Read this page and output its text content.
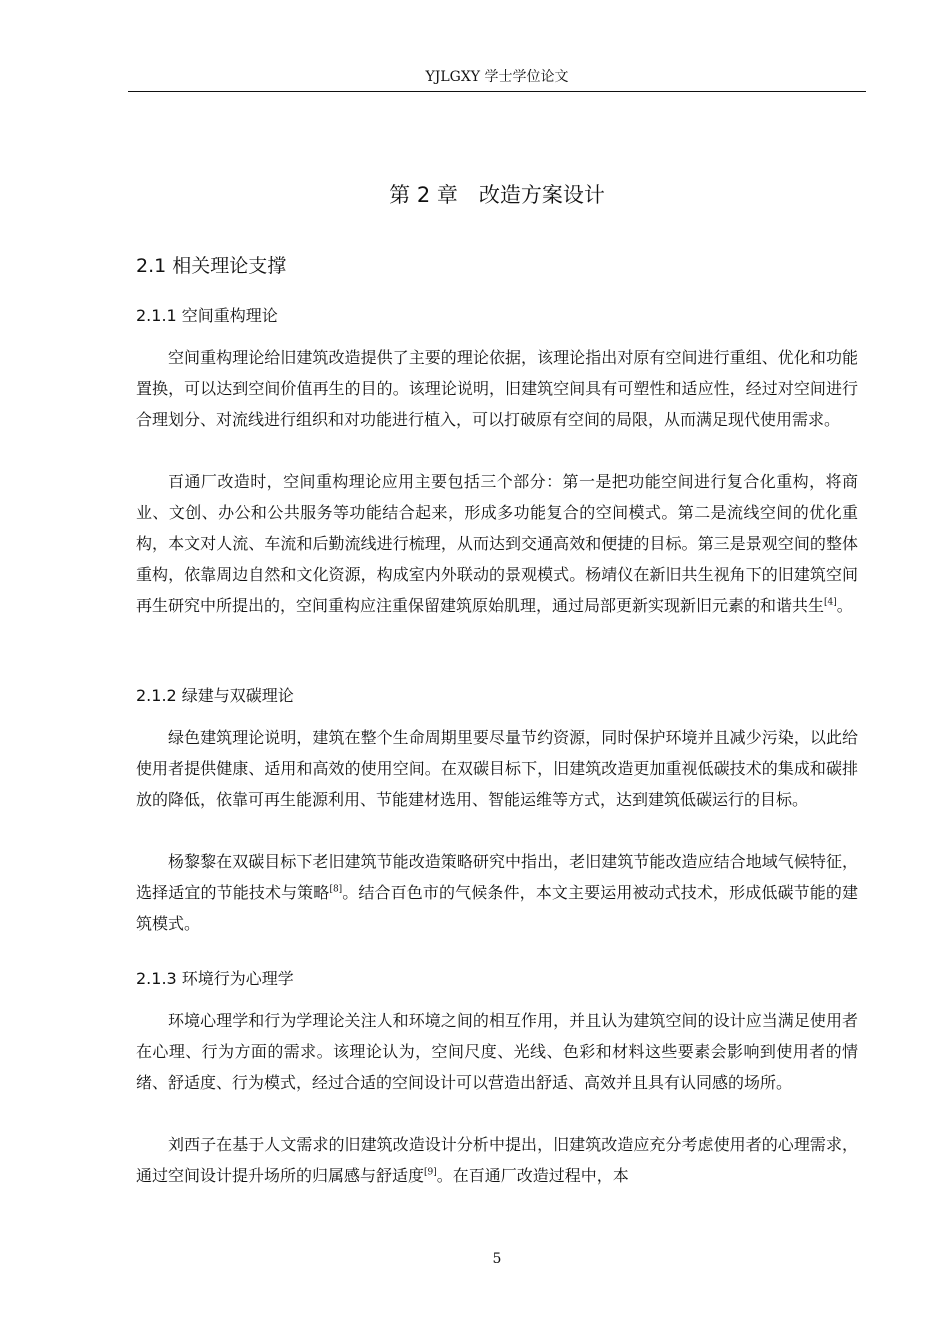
YJLGXY 学士学位论文
第 2 章　改造方案设计
2.1 相关理论支撑
2.1.1 空间重构理论

空间重构理论给旧建筑改造提供了主要的理论依据，该理论指出对原有空间进行重组、优化和功能置换，可以达到空间价值再生的目的。该理论说明，旧建筑空间具有可塑性和适应性，经过对空间进行合理划分、对流线进行组织和对功能进行植入，可以打破原有空间的局限，从而满足现代使用需求。

百通厂改造时，空间重构理论应用主要包括三个部分：第一是把功能空间进行复合化重构，将商业、文创、办公和公共服务等功能结合起来，形成多功能复合的空间模式。第二是流线空间的优化重构，本文对人流、车流和后勤流线进行梳理，从而达到交通高效和便捷的目标。第三是景观空间的整体重构，依靠周边自然和文化资源，构成室内外联动的景观模式。杨靖仪在新旧共生视角下的旧建筑空间再生研究中所提出的，空间重构应注重保留建筑原始肌理，通过局部更新实现新旧元素的和谐共生[4]。

2.1.2 绿建与双碳理论

绿色建筑理论说明，建筑在整个生命周期里要尽量节约资源，同时保护环境并且减少污染，以此给使用者提供健康、适用和高效的使用空间。在双碳目标下，旧建筑改造更加重视低碳技术的集成和碳排放的降低，依靠可再生能源利用、节能建材选用、智能运维等方式，达到建筑低碳运行的目标。

杨黎黎在双碳目标下老旧建筑节能改造策略研究中指出，老旧建筑节能改造应结合地域气候特征，选择适宜的节能技术与策略[8]。结合百色市的气候条件，本文主要运用被动式技术，形成低碳节能的建筑模式。

2.1.3 环境行为心理学

环境心理学和行为学理论关注人和环境之间的相互作用，并且认为建筑空间的设计应当满足使用者在心理、行为方面的需求。该理论认为，空间尺度、光线、色彩和材料这些要素会影响到使用者的情绪、舒适度、行为模式，经过合适的空间设计可以营造出舒适、高效并且具有认同感的场所。

刘西子在基于人文需求的旧建筑改造设计分析中提出，旧建筑改造应充分考虑使用者的心理需求，通过空间设计提升场所的归属感与舒适度[9]。在百通厂改造过程中，本

5
